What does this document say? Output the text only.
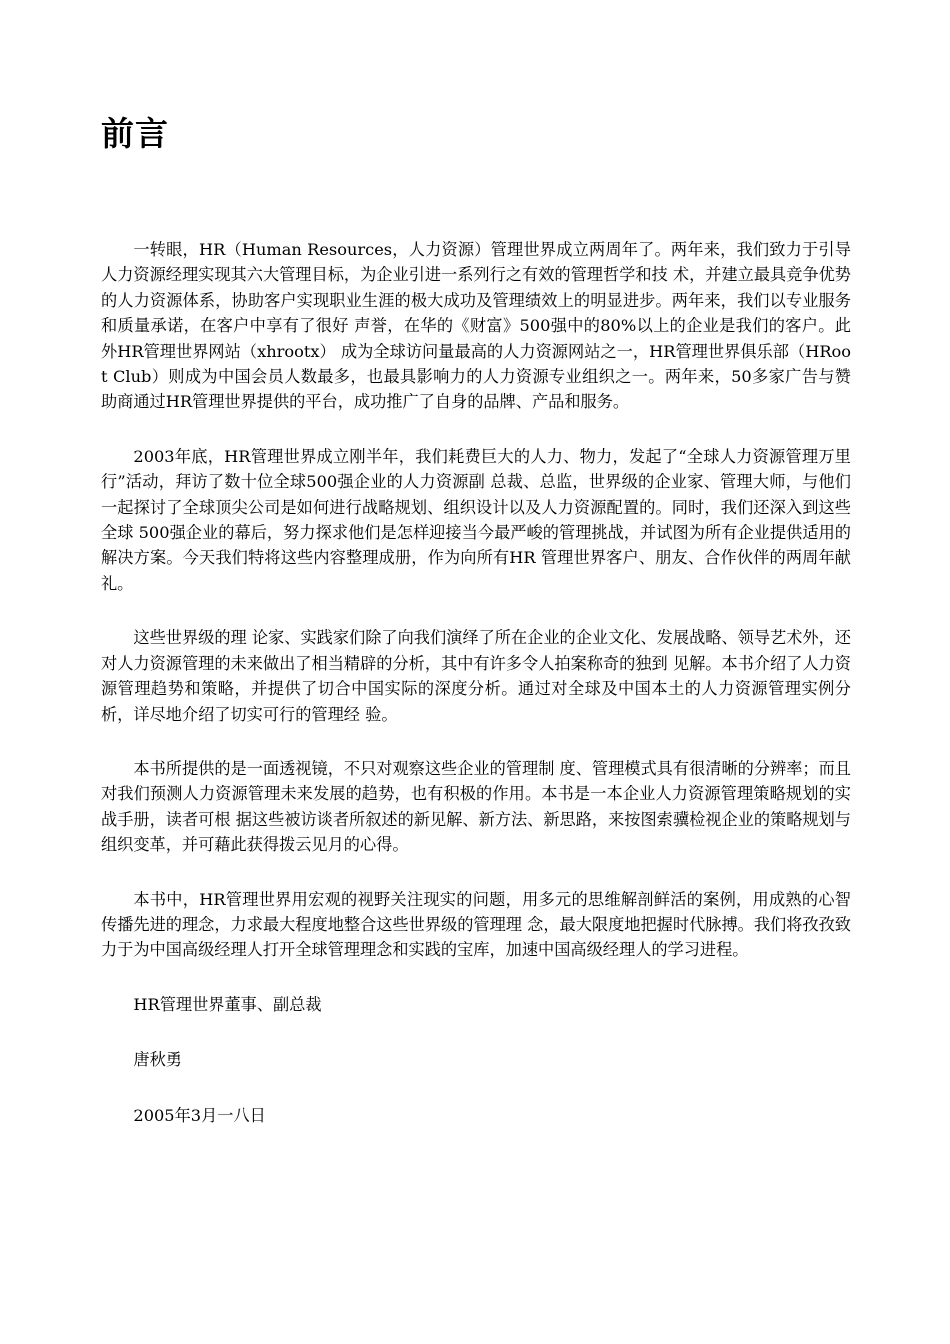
前言

一转眼，HR（Human Resources，人力资源）管理世界成立两周年了。两年来，我们致力于引导人力资源经理实现其六大管理目标，为企业引进一系列行之有效的管理哲学和技 术，并建立最具竞争优势的人力资源体系，协助客户实现职业生涯的极大成功及管理绩效上的明显进步。两年来，我们以专业服务和质量承诺，在客户中享有了很好 声誉，在华的《财富》500强中的80%以上的企业是我们的客户。此外HR管理世界网站（xhrootx） 成为全球访问量最高的人力资源网站之一，HR管理世界俱乐部（HRoot Club）则成为中国会员人数最多，也最具影响力的人力资源专业组织之一。两年来，50多家广告与赞助商通过HR管理世界提供的平台，成功推广了自身的品牌、产品和服务。

2003年底，HR管理世界成立刚半年，我们耗费巨大的人力、物力，发起了“全球人力资源管理万里行”活动，拜访了数十位全球500强企业的人力资源副 总裁、总监，世界级的企业家、管理大师，与他们一起探讨了全球顶尖公司是如何进行战略规划、组织设计以及人力资源配置的。同时，我们还深入到这些全球 500强企业的幕后，努力探求他们是怎样迎接当今最严峻的管理挑战，并试图为所有企业提供适用的解决方案。今天我们特将这些内容整理成册，作为向所有HR 管理世界客户、朋友、合作伙伴的两周年献礼。

这些世界级的理 论家、实践家们除了向我们演绎了所在企业的企业文化、发展战略、领导艺术外，还对人力资源管理的未来做出了相当精辟的分析，其中有许多令人拍案称奇的独到 见解。本书介绍了人力资源管理趋势和策略，并提供了切合中国实际的深度分析。通过对全球及中国本土的人力资源管理实例分析，详尽地介绍了切实可行的管理经 验。

本书所提供的是一面透视镜，不只对观察这些企业的管理制 度、管理模式具有很清晰的分辨率；而且对我们预测人力资源管理未来发展的趋势，也有积极的作用。本书是一本企业人力资源管理策略规划的实战手册，读者可根 据这些被访谈者所叙述的新见解、新方法、新思路，来按图索骥检视企业的策略规划与组织变革，并可藉此获得拨云见月的心得。

本书中，HR管理世界用宏观的视野关注现实的问题，用多元的思维解剖鲜活的案例，用成熟的心智传播先进的理念，力求最大程度地整合这些世界级的管理理 念，最大限度地把握时代脉搏。我们将孜孜致力于为中国高级经理人打开全球管理理念和实践的宝库，加速中国高级经理人的学习进程。

HR管理世界董事、副总裁

唐秋勇

2005年3月一八日
